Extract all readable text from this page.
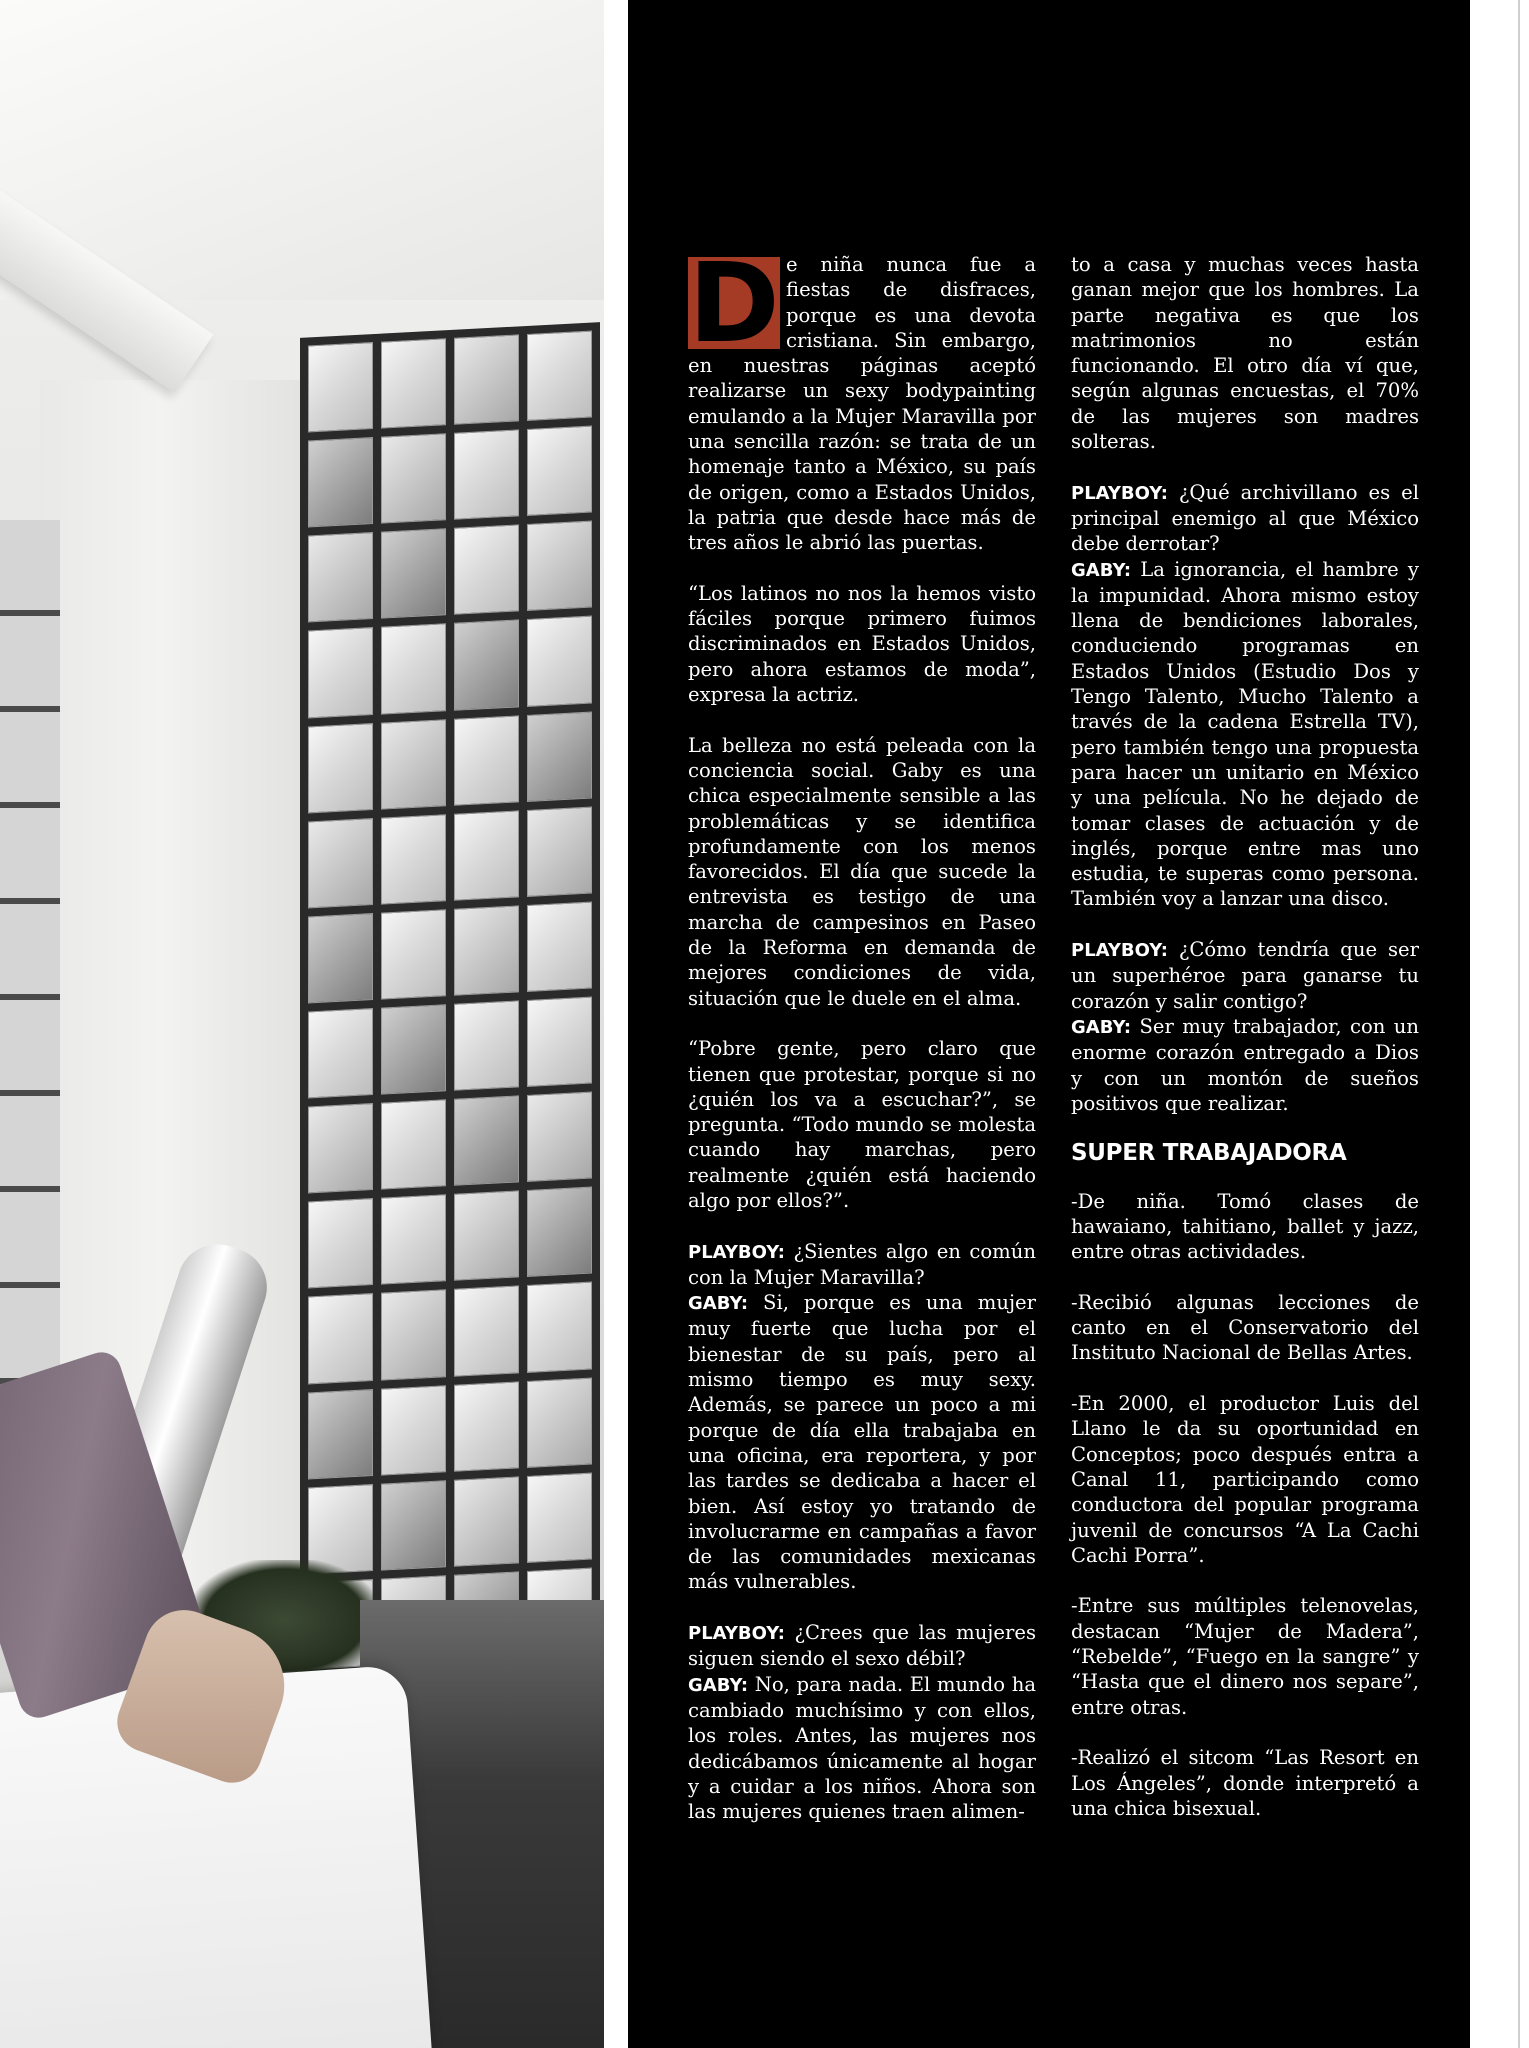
De niña nunca fue a fiestas de disfraces, porque es una devota cristiana. Sin embargo, en nuestras páginas aceptó realizarse un sexy bodypainting emulando a la Mujer Maravilla por una sencilla razón: se trata de un homenaje tanto a México, su país de origen, como a Estados Unidos, la patria que desde hace más de tres años le abrió las puertas.

“Los latinos no nos la hemos visto fáciles porque primero fuimos discriminados en Estados Unidos, pero ahora estamos de moda”, expresa la actriz.

La belleza no está peleada con la conciencia social. Gaby es una chica especialmente sensible a las problemáticas y se identifica profundamente con los menos favorecidos. El día que sucede la entrevista es testigo de una marcha de campesinos en Paseo de la Reforma en demanda de mejores condiciones de vida, situación que le duele en el alma.

“Pobre gente, pero claro que tienen que protestar, porque si no ¿quién los va a escuchar?”, se pregunta. “Todo mundo se molesta cuando hay marchas, pero realmente ¿quién está haciendo algo por ellos?”.

PLAYBOY: ¿Sientes algo en común con la Mujer Maravilla?

GABY: Si, porque es una mujer muy fuerte que lucha por el bienestar de su país, pero al mismo tiempo es muy sexy. Además, se parece un poco a mi porque de día ella trabajaba en una oficina, era reportera, y por las tardes se dedicaba a hacer el bien. Así estoy yo tratando de involucrarme en campañas a favor de las comunidades mexicanas más vulnerables.

PLAYBOY: ¿Crees que las mujeres siguen siendo el sexo débil?

GABY: No, para nada. El mundo ha cambiado muchísimo y con ellos, los roles. Antes, las mujeres nos dedicábamos únicamente al hogar y a cuidar a los niños. Ahora son las mujeres quienes traen alimen-

to a casa y muchas veces hasta ganan mejor que los hombres. La parte negativa es que los matrimonios no están funcionando. El otro día ví que, según algunas encuestas, el 70% de las mujeres son madres solteras.

PLAYBOY: ¿Qué archivillano es el principal enemigo al que México debe derrotar?

GABY: La ignorancia, el hambre y la impunidad. Ahora mismo estoy llena de bendiciones laborales, conduciendo programas en Estados Unidos (Estudio Dos y Tengo Talento, Mucho Talento a través de la cadena Estrella TV), pero también tengo una propuesta para hacer un unitario en México y una película. No he dejado de tomar clases de actuación y de inglés, porque entre mas uno estudia, te superas como persona. También voy a lanzar una disco.

PLAYBOY: ¿Cómo tendría que ser un superhéroe para ganarse tu corazón y salir contigo?

GABY: Ser muy trabajador, con un enorme corazón entregado a Dios y con un montón de sueños positivos que realizar.

SUPER TRABAJADORA

-De niña. Tomó clases de hawaiano, tahitiano, ballet y jazz, entre otras actividades.

-Recibió algunas lecciones de canto en el Conservatorio del Instituto Nacional de Bellas Artes.

-En 2000, el productor Luis del Llano le da su oportunidad en Conceptos; poco después entra a Canal 11, participando como conductora del popular programa juvenil de concursos “A La Cachi Cachi Porra”.

-Entre sus múltiples telenovelas, destacan “Mujer de Madera”, “Rebelde”, “Fuego en la sangre” y “Hasta que el dinero nos separe”, entre otras.

-Realizó el sitcom “Las Resort en Los Ángeles”, donde interpretó a una chica bisexual.
